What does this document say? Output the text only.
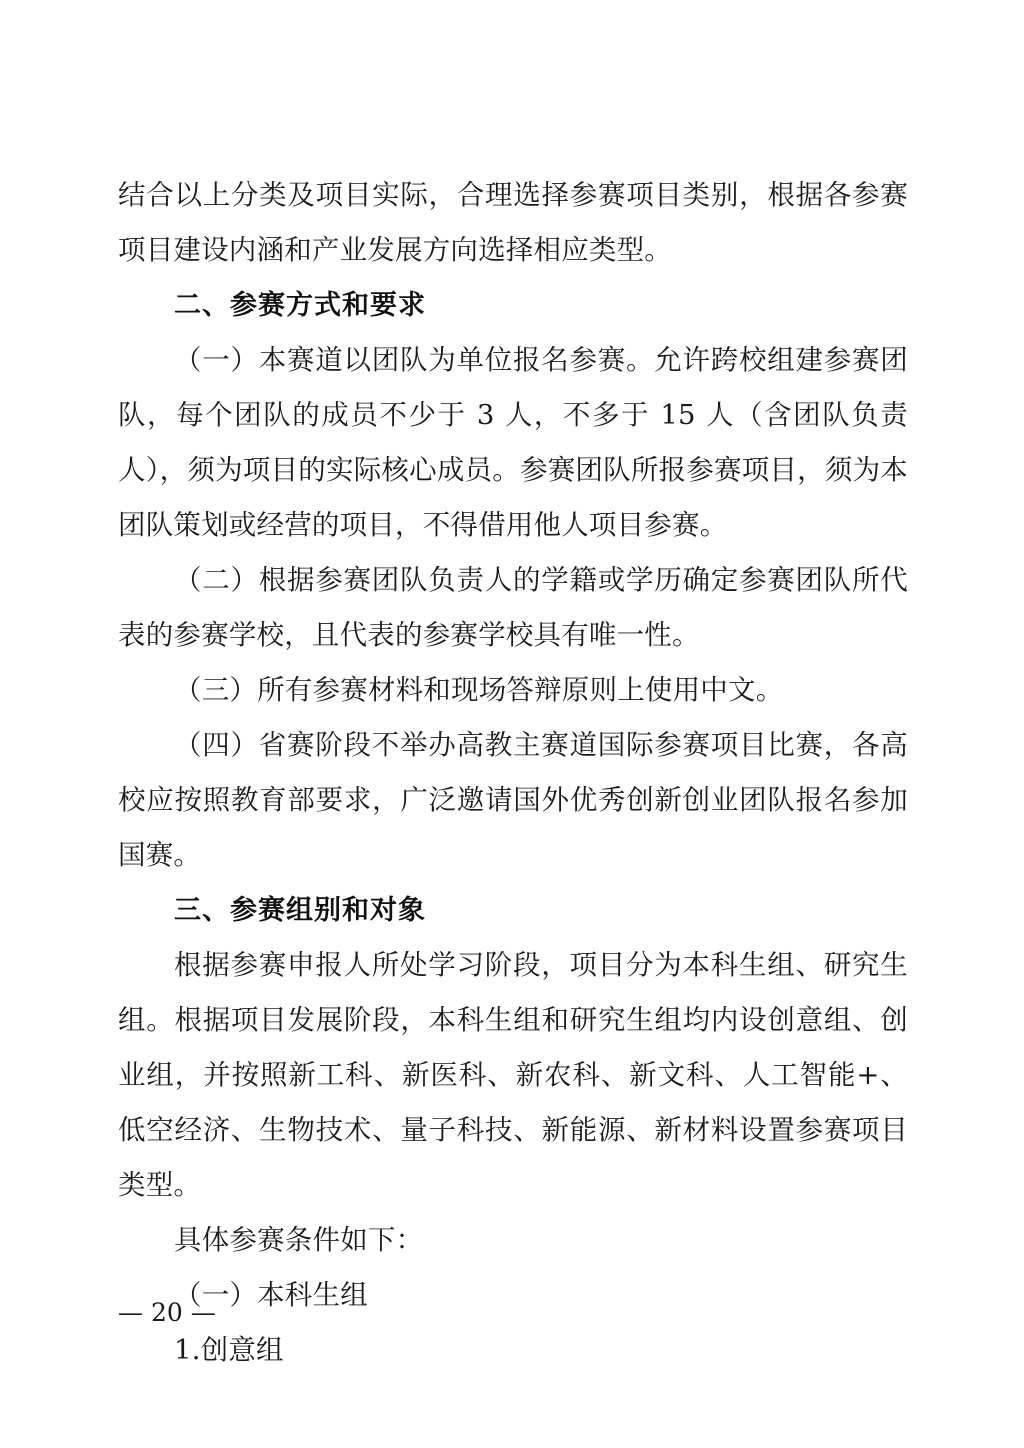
结合以上分类及项目实际，合理选择参赛项目类别，根据各参赛项目建设内涵和产业发展方向选择相应类型。

二、参赛方式和要求

（一）本赛道以团队为单位报名参赛。允许跨校组建参赛团队，每个团队的成员不少于 3 人，不多于 15 人（含团队负责人），须为项目的实际核心成员。参赛团队所报参赛项目，须为本团队策划或经营的项目，不得借用他人项目参赛。

（二）根据参赛团队负责人的学籍或学历确定参赛团队所代表的参赛学校，且代表的参赛学校具有唯一性。

（三）所有参赛材料和现场答辩原则上使用中文。

（四）省赛阶段不举办高教主赛道国际参赛项目比赛，各高校应按照教育部要求，广泛邀请国外优秀创新创业团队报名参加国赛。

三、参赛组别和对象

根据参赛申报人所处学习阶段，项目分为本科生组、研究生组。根据项目发展阶段，本科生组和研究生组均内设创意组、创业组，并按照新工科、新医科、新农科、新文科、人工智能+、低空经济、生物技术、量子科技、新能源、新材料设置参赛项目类型。

具体参赛条件如下：

（一）本科生组

1.创意组

— 20 —
